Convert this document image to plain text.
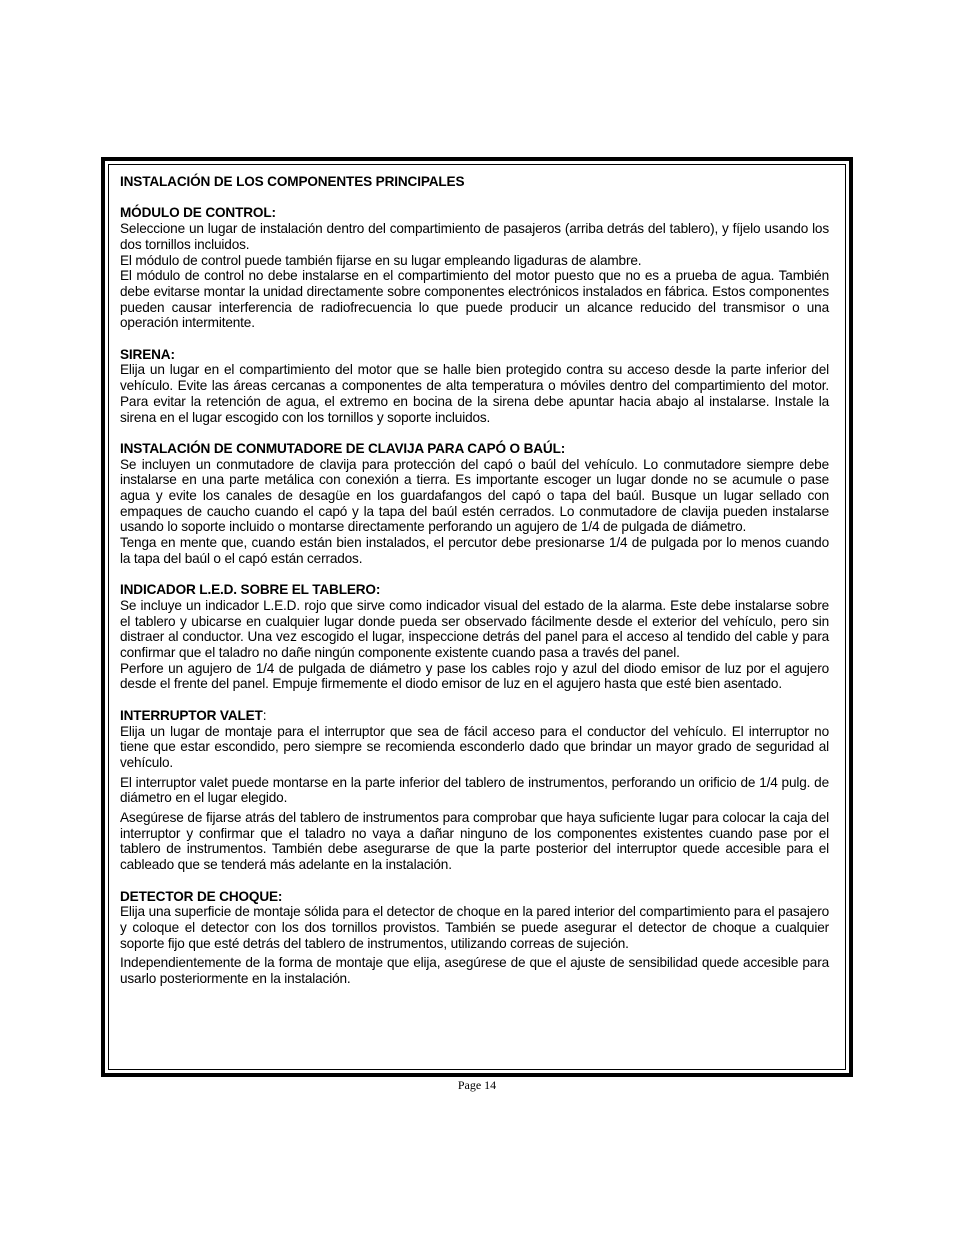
INSTALACIÓN DE LOS COMPONENTES PRINCIPALES

MÓDULO DE CONTROL:

Seleccione un lugar de instalación dentro del compartimiento de pasajeros (arriba detrás del tablero), y fíjelo usando los dos tornillos incluidos.

El módulo de control puede también fijarse en su lugar empleando ligaduras de alambre.

El módulo de control no debe instalarse en el compartimiento del motor puesto que no es a prueba de agua. También debe evitarse montar la unidad directamente sobre componentes electrónicos instalados en fábrica. Estos componentes pueden causar interferencia de radiofrecuencia lo que puede producir un alcance reducido del transmisor o una operación intermitente.

SIRENA:

Elija un lugar en el compartimiento del motor que se halle bien protegido contra su acceso desde la parte inferior del vehículo. Evite las áreas cercanas a componentes de alta temperatura o móviles dentro del compartimiento del motor. Para evitar la retención de agua, el extremo en bocina de la sirena debe apuntar hacia abajo al instalarse. Instale la sirena en el lugar escogido con los tornillos y soporte incluidos.

INSTALACIÓN DE CONMUTADORE DE CLAVIJA PARA CAPÓ O BAÚL:

Se incluyen un conmutadore de clavija para protección del capó o baúl del vehículo. Lo conmutadore siempre debe instalarse en una parte metálica con conexión a tierra. Es importante escoger un lugar donde no se acumule o pase agua y evite los canales de desagüe en los guardafangos del capó o tapa del baúl. Busque un lugar sellado con empaques de caucho cuando el capó y la tapa del baúl estén cerrados. Lo conmutadore de clavija pueden instalarse usando lo soporte incluido o montarse directamente perforando un agujero de 1/4 de pulgada de diámetro.

Tenga en mente que, cuando están bien instalados, el percutor debe presionarse 1/4 de pulgada por lo menos cuando la tapa del baúl o el capó están cerrados.

INDICADOR L.E.D. SOBRE EL TABLERO:

Se incluye un indicador L.E.D. rojo que sirve como indicador visual del estado de la alarma. Este debe instalarse sobre el tablero y ubicarse en cualquier lugar donde pueda ser observado fácilmente desde el exterior del vehículo, pero sin distraer al conductor. Una vez escogido el lugar, inspeccione detrás del panel para el acceso al tendido del cable y para confirmar que el taladro no dañe ningún componente existente cuando pasa a través del panel.

Perfore un agujero de 1/4 de pulgada de diámetro y pase los cables rojo y azul del diodo emisor de luz por el agujero desde el frente del panel. Empuje firmemente el diodo emisor de luz en el agujero hasta que esté bien asentado.

INTERRUPTOR VALET:

Elija un lugar de montaje para el interruptor que sea de fácil acceso para el conductor del vehículo. El interruptor no tiene que estar escondido, pero siempre se recomienda esconderlo dado que brindar un mayor grado de seguridad al vehículo.

El interruptor valet puede montarse en la parte inferior del tablero de instrumentos, perforando un orificio de 1/4 pulg. de diámetro en el lugar elegido.

Asegúrese de fijarse atrás del tablero de instrumentos para comprobar que haya suficiente lugar para colocar la caja del interruptor y confirmar que el taladro no vaya a dañar ninguno de los componentes existentes cuando pase por el tablero de instrumentos. También debe asegurarse de que la parte posterior del interruptor quede accesible para el cableado que se tenderá más adelante en la instalación.

DETECTOR DE CHOQUE:

Elija una superficie de montaje sólida para el detector de choque en la pared interior del compartimiento para el pasajero y coloque el detector con los dos tornillos provistos. También se puede asegurar el detector de choque a cualquier soporte fijo que esté detrás del tablero de instrumentos, utilizando correas de sujeción.

Independientemente de la forma de montaje que elija, asegúrese de que el ajuste de sensibilidad quede accesible para usarlo posteriormente en la instalación.

Page 14
